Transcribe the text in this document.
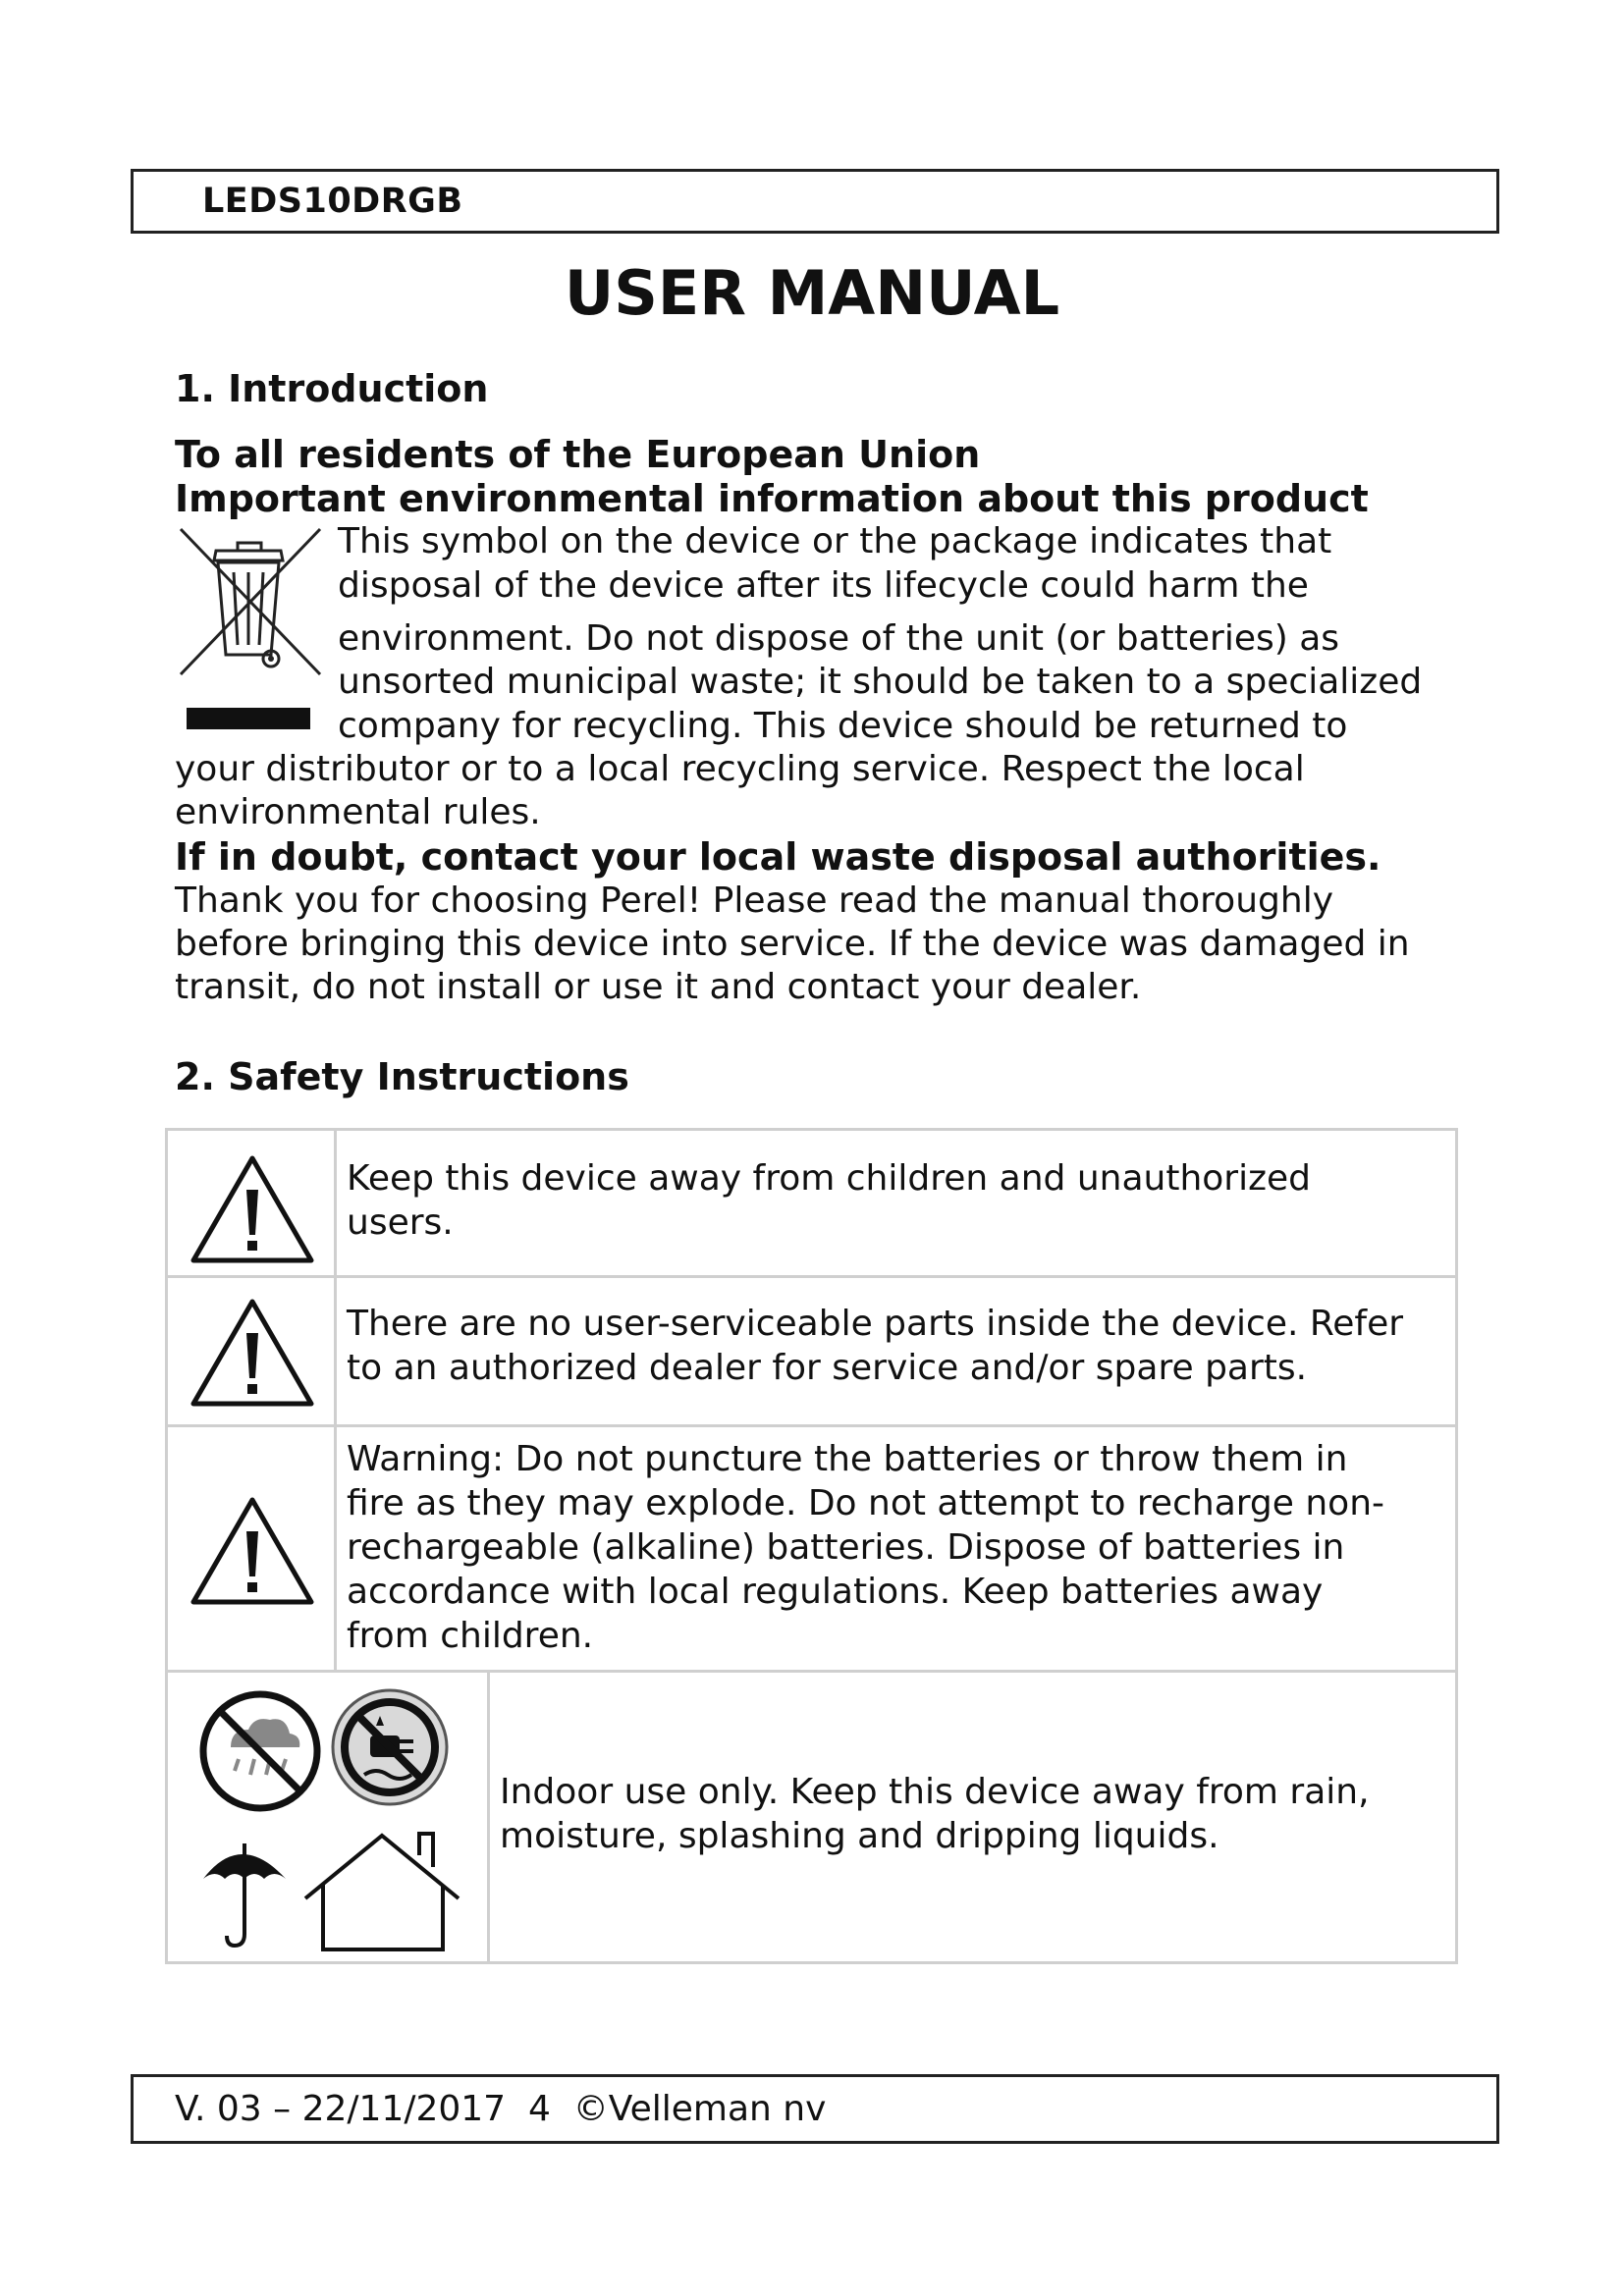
LEDS10DRGB
USER MANUAL
1. Introduction
To all residents of the European Union
Important environmental information about this product
This symbol on the device or the package indicates that
disposal of the device after its lifecycle could harm the
environment. Do not dispose of the unit (or batteries) as
unsorted municipal waste; it should be taken to a specialized
company for recycling. This device should be returned to
your distributor or to a local recycling service. Respect the local
environmental rules.
If in doubt, contact your local waste disposal authorities.
Thank you for choosing Perel! Please read the manual thoroughly
before bringing this device into service. If the device was damaged in
transit, do not install or use it and contact your dealer.
2. Safety Instructions
Keep this device away from children and unauthorized
users.
There are no user-serviceable parts inside the device. Refer
to an authorized dealer for service and/or spare parts.
Warning: Do not puncture the batteries or throw them in
fire as they may explode. Do not attempt to recharge non-
rechargeable (alkaline) batteries. Dispose of batteries in
accordance with local regulations. Keep batteries away
from children.
Indoor use only. Keep this device away from rain,
moisture, splashing and dripping liquids.
V. 03 – 22/11/2017  4  ©Velleman nv
